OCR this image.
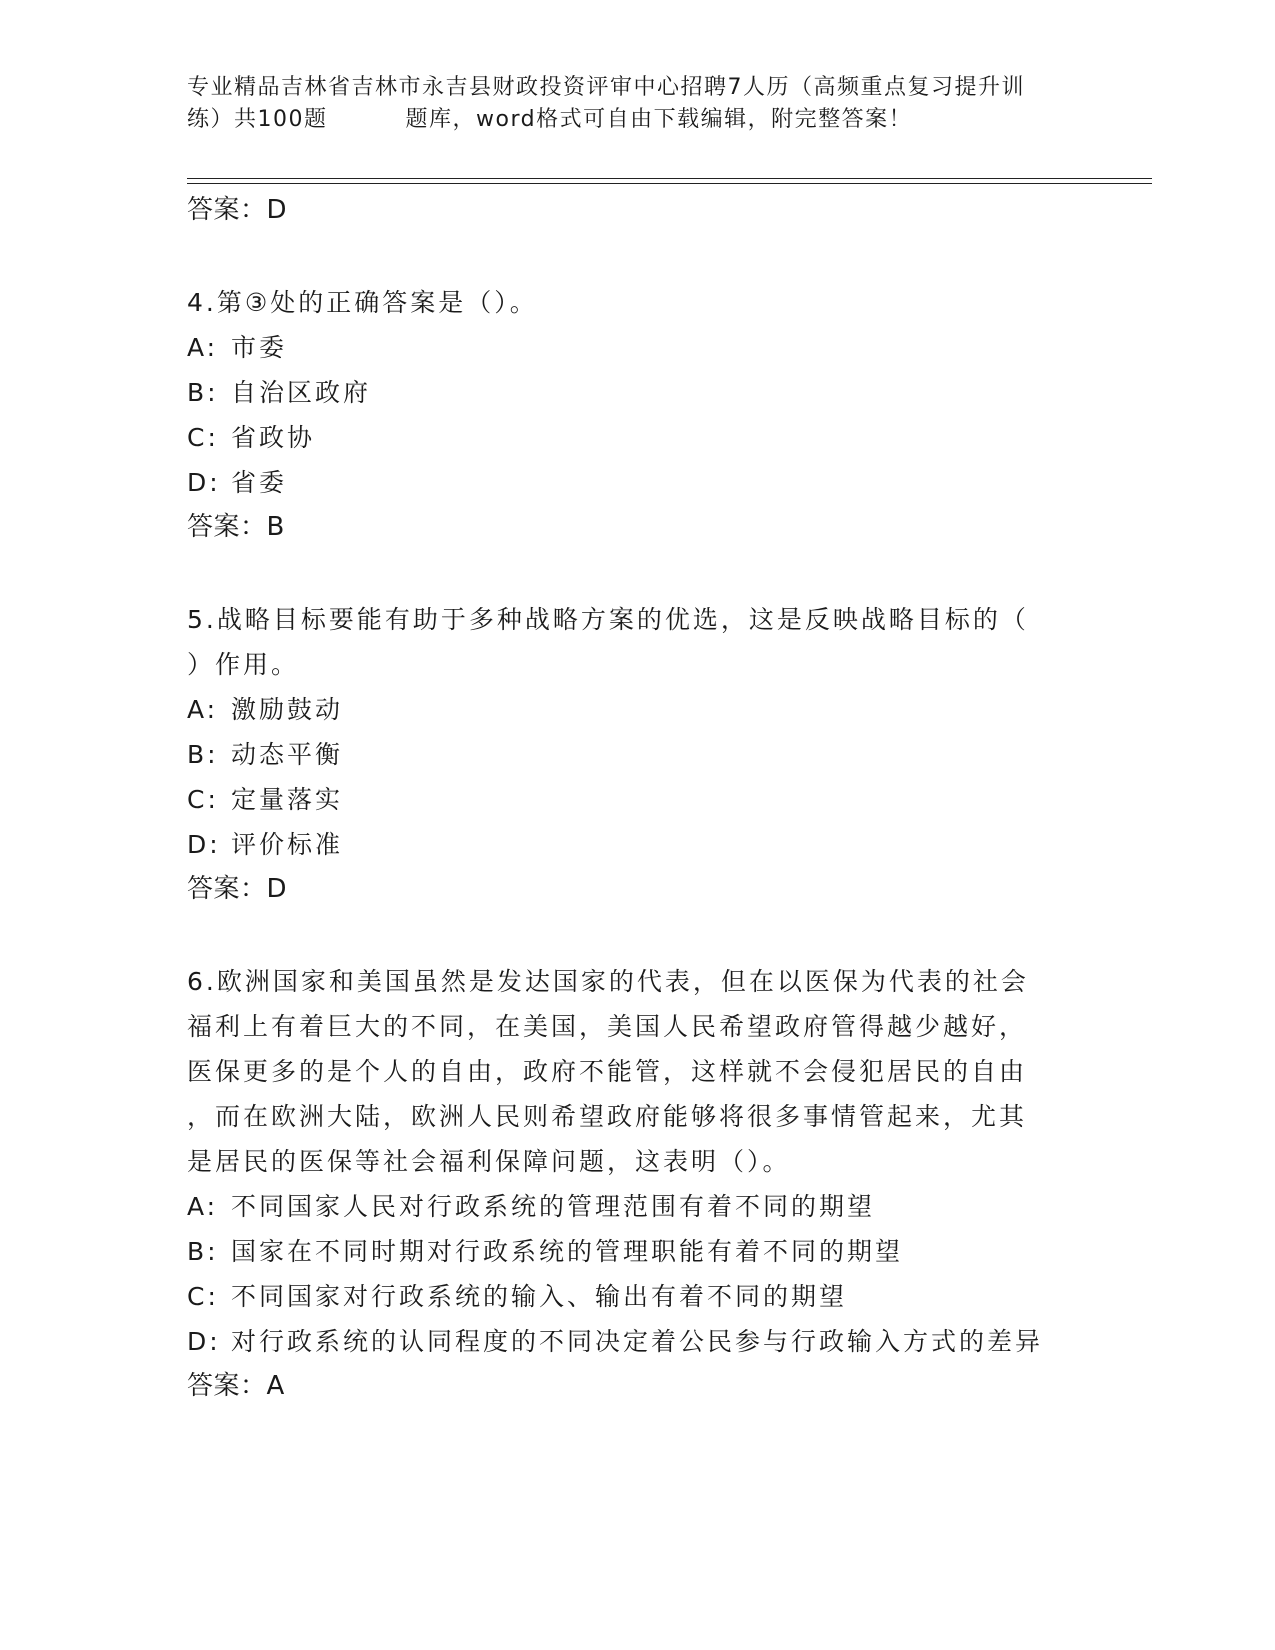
专业精品吉林省吉林市永吉县财政投资评审中心招聘7人历（高频重点复习提升训
练）共100题	题库，word格式可自由下载编辑，附完整答案！
答案：D
4.第③处的正确答案是（）。
A: 市委
B: 自治区政府
C: 省政协
D: 省委
答案：B
5.战略目标要能有助于多种战略方案的优选，这是反映战略目标的（
）作用。
A: 激励鼓动
B: 动态平衡
C: 定量落实
D: 评价标准
答案：D
6.欧洲国家和美国虽然是发达国家的代表，但在以医保为代表的社会
福利上有着巨大的不同，在美国，美国人民希望政府管得越少越好，
医保更多的是个人的自由，政府不能管，这样就不会侵犯居民的自由
，而在欧洲大陆，欧洲人民则希望政府能够将很多事情管起来，尤其
是居民的医保等社会福利保障问题，这表明（）。
A: 不同国家人民对行政系统的管理范围有着不同的期望
B: 国家在不同时期对行政系统的管理职能有着不同的期望
C: 不同国家对行政系统的输入、输出有着不同的期望
D: 对行政系统的认同程度的不同决定着公民参与行政输入方式的差异
答案：A
